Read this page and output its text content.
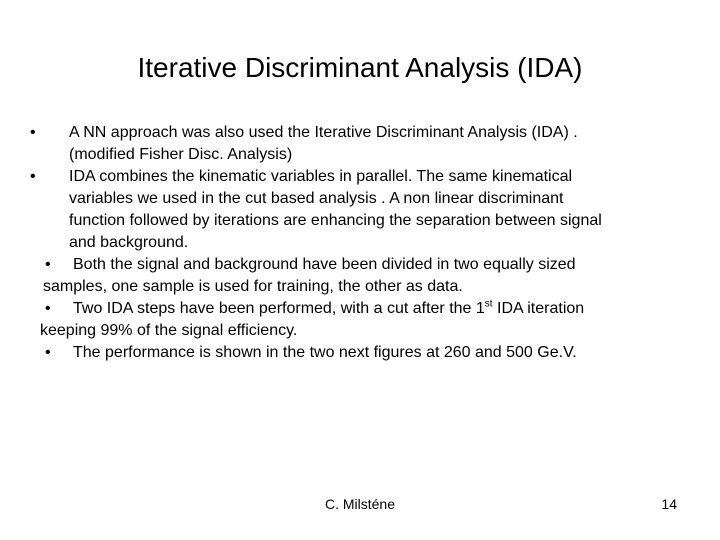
Iterative Discriminant Analysis (IDA)
• A NN approach was also used the Iterative Discriminant Analysis (IDA) .
(modified Fisher Disc. Analysis)
• IDA combines the kinematic variables in parallel. The same kinematical
variables we used in the cut based analysis . A non linear discriminant
function followed by iterations are enhancing the separation between signal
and background.
• Both the signal and background have been divided in two equally sized
samples, one sample is used for training, the other as data.
• Two IDA steps have been performed, with a cut after the 1st IDA iteration
keeping 99% of the signal efficiency.
• The performance is shown in the two next figures at 260 and 500 Ge.V.
C. Milsténe	14
